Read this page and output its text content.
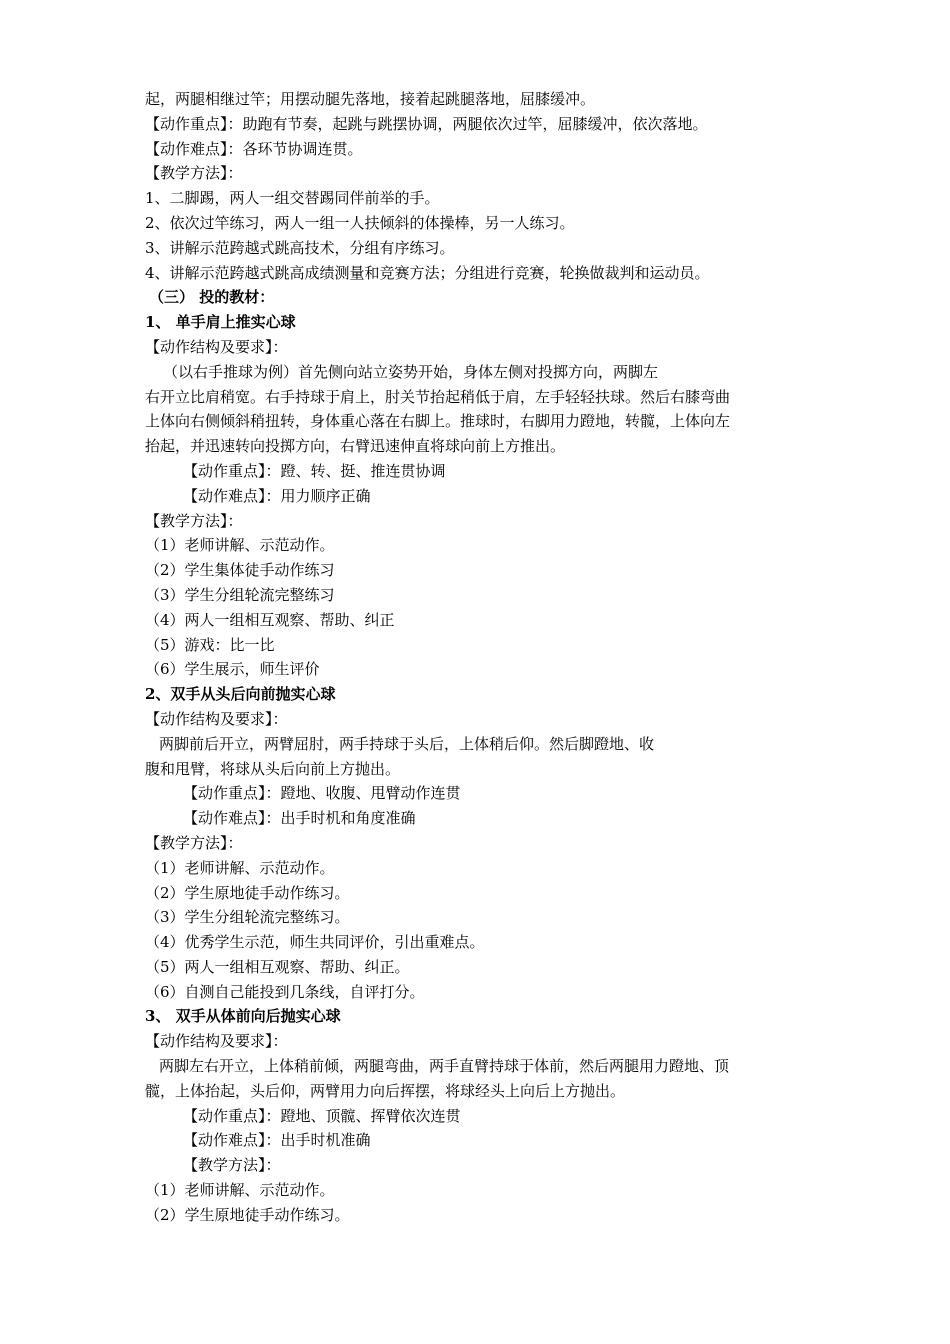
起，两腿相继过竿；用摆动腿先落地，接着起跳腿落地，屈膝缓冲。
【动作重点】：助跑有节奏，起跳与跳摆协调，两腿依次过竿，屈膝缓冲，依次落地。
【动作难点】：各环节协调连贯。
【教学方法】：
1、二脚踢，两人一组交替踢同伴前举的手。
2、依次过竿练习，两人一组一人扶倾斜的体操棒，另一人练习。
3、讲解示范跨越式跳高技术，分组有序练习。
4、讲解示范跨越式跳高成绩测量和竞赛方法；分组进行竞赛，轮换做裁判和运动员。
（三） 投的教材：
1、 单手肩上推实心球
【动作结构及要求】：
（以右手推球为例）首先侧向站立姿势开始，身体左侧对投掷方向，两脚左
右开立比肩稍宽。右手持球于肩上，肘关节抬起稍低于肩，左手轻轻扶球。然后右膝弯曲
上体向右侧倾斜稍扭转，身体重心落在右脚上。推球时，右脚用力蹬地，转髋，上体向左
抬起，并迅速转向投掷方向，右臂迅速伸直将球向前上方推出。
【动作重点】：蹬、转、挺、推连贯协调
【动作难点】：用力顺序正确
【教学方法】：
（1）老师讲解、示范动作。
（2）学生集体徒手动作练习
（3）学生分组轮流完整练习
（4）两人一组相互观察、帮助、纠正
（5）游戏：比一比
（6）学生展示，师生评价
2、双手从头后向前抛实心球
【动作结构及要求】：
两脚前后开立，两臂屈肘，两手持球于头后，上体稍后仰。然后脚蹬地、收
腹和甩臂，将球从头后向前上方抛出。
【动作重点】：蹬地、收腹、甩臂动作连贯
【动作难点】：出手时机和角度准确
【教学方法】：
（1）老师讲解、示范动作。
（2）学生原地徒手动作练习。
（3）学生分组轮流完整练习。
（4）优秀学生示范，师生共同评价，引出重难点。
（5）两人一组相互观察、帮助、纠正。
（6）自测自己能投到几条线，自评打分。
3、 双手从体前向后抛实心球
【动作结构及要求】：
两脚左右开立，上体稍前倾，两腿弯曲，两手直臂持球于体前，然后两腿用力蹬地、顶
髋，上体抬起，头后仰，两臂用力向后挥摆，将球经头上向后上方抛出。
【动作重点】：蹬地、顶髋、挥臂依次连贯
【动作难点】：出手时机准确
【教学方法】：
（1）老师讲解、示范动作。
（2）学生原地徒手动作练习。
